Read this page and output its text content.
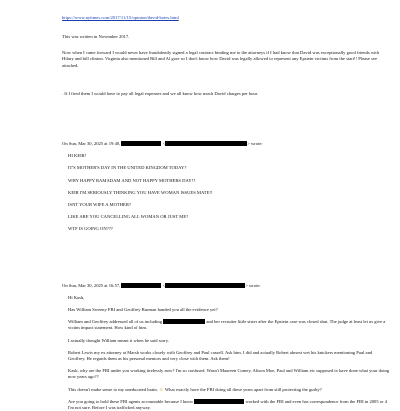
https://www.nytimes.com/2017/11/15/opinion/david-boies.html

This was written in November 2017.

Now when I came forward I would never have fraudulently signed a legal contract binding me to the attorneys if I had know that David was exceptionally good friends with Hilary and bill clinton. Virginia also mentioned Bill and Al gore so I don't know how David was legally allowed to represent any Epstein victims from the start!! Please see attached.

. If I fired them I would have to pay all legal expenses and we all know how much David charges per hour.

On Sun, Mar 30, 2025 at 19:40,	<	> wrote:

HI KEIR!

IT'S MOTHER'S DAY IN THE UNITED KINGDOM TODAY?

WHY HAPPY RAMADAM AND NOT HAPPY MOTHERS DAY!?

KEIR I'M SERIOUSLY THINKING YOU HAVE WOMAN ISSUES MATE!!

ISNT YOUR WIFE A MOTHER?

LIKE ARE YOU CANCELLING ALL WOMAN OR JUST ME?

WTF IS GOING ON???

On Sun, Mar 30, 2025 at 16:57,	<	> wrote:

Hi Kash,

Has William Sweeny FBI and Geoffrey Burman handed you all the evidence yet?

William and Geoffrey addressed all of us including	and her recruiter little sister after the Epstein case was closed shut. The judge at least let us give a victim impact statement. How kind of him.

I actually thought William meant it when he said sorry.

Robert Lewis my ex attorney at Marsh works closely with Geoffrey and Paul cassell. Ask him. I did and actually Robert almost wet his knickers mentioning Paul and Geoffrey. He regards them as his personal mentors and very close with them. Ask them!

Kash, why are the FBI under you working tirelessly now? I'm so confused. Wasn't Maureen Comey, Alison Moe, Paul and William etc supposed to have done what your doing now years ago??

This doesn't make sense to my uneducated brain. ☺ What exactly have the FBI doing all these years apart from still protecting the guilty?

Are you going to hold these FBI agents accountable because I know	worked with the FBI and even has correspondence from the FBI in 2005 or 4 I'm not sure. Before I was trafficked anyway.
